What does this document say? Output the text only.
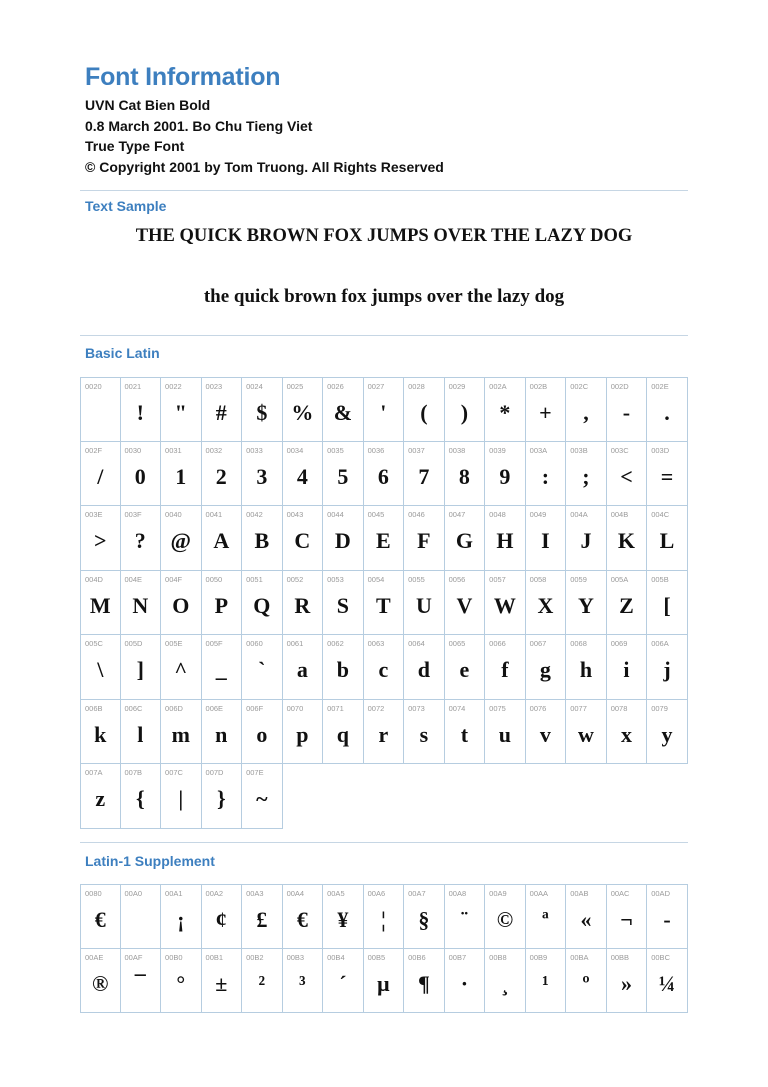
Font Information
UVN Cat Bien Bold
0.8 March 2001. Bo Chu Tieng Viet
True Type Font
© Copyright 2001 by Tom Truong. All Rights Reserved
Text Sample
THE QUICK BROWN FOX JUMPS OVER THE LAZY DOG
the quick brown fox jumps over the lazy dog
Basic Latin
0020	0021
!
0022
"
0023
#
0024
$
0025
%
0026
&
0027
'
0028
(
0029
)
002A
*
002B
+
002C
,
002D
-
002E
.
002F
/
0030
0
0031
1
0032
2
0033
3
0034
4
0035
5
0036
6
0037
7
0038
8
0039
9
003A
:
003B
;
003C
<
003D
=
003E
>
003F
?
0040
@
0041
A
0042
B
0043
C
0044
D
0045
E
0046
F
0047
G
0048
H
0049
I
004A
J
004B
K
004C
L
004D
M
004E
N
004F
O
0050
P
0051
Q
0052
R
0053
S
0054
T
0055
U
0056
V
0057
W
0058
X
0059
Y
005A
Z
005B
[
005C
\
005D
]
005E
^
005F
_
0060
`
0061
a
0062
b
0063
c
0064
d
0065
e
0066
f
0067
g
0068
h
0069
i
006A
j
006B
k
006C
l
006D
m
006E
n
006F
o
0070
p
0071
q
0072
r
0073
s
0074
t
0075
u
0076
v
0077
w
0078
x
0079
y
007A
z
007B
{
007C
|
007D
}
007E
~
Latin-1 Supplement
0080
€
00A0	00A1
¡
00A2
¢
00A3
£
00A4
€
00A5
¥
00A6
¦
00A7
§
00A8
¨
00A9
©
00AA
ª
00AB
«
00AC
¬
00AD
-
00AE
®
00AF
¯
00B0
°
00B1
±
00B2
²
00B3
³
00B4
´
00B5
µ
00B6
¶
00B7
·
00B8
¸
00B9
¹
00BA
º
00BB
»
00BC
¼
